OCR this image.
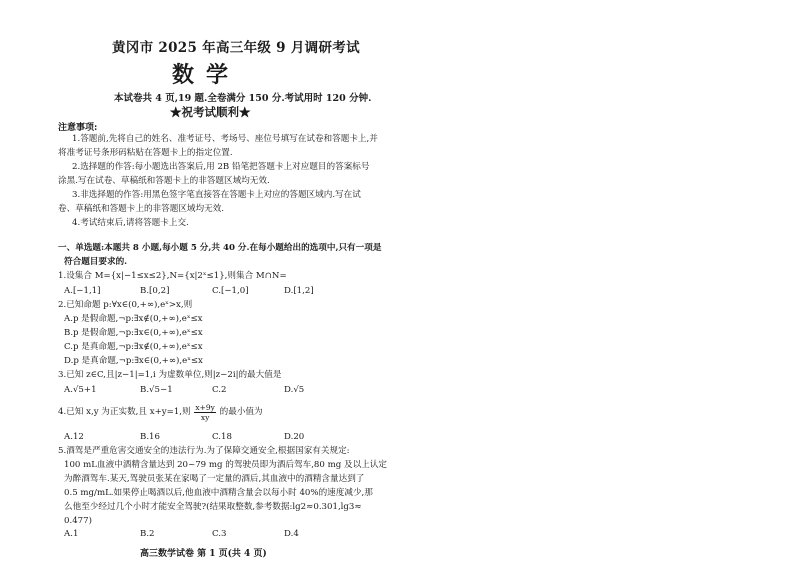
黄冈市 2025 年高三年级 9 月调研考试
数学
本试卷共 4 页,19 题.全卷满分 150 分.考试用时 120 分钟.
★祝考试顺利★
注意事项:
1.答题前,先将自己的姓名、准考证号、考场号、座位号填写在试卷和答题卡上,并
将准考证号条形码粘贴在答题卡上的指定位置.
2.选择题的作答:每小题选出答案后,用 2B 铅笔把答题卡上对应题目的答案标号
涂黑.写在试卷、草稿纸和答题卡上的非答题区域均无效.
3.非选择题的作答:用黑色签字笔直接答在答题卡上对应的答题区域内.写在试
卷、草稿纸和答题卡上的非答题区域均无效.
4.考试结束后,请将答题卡上交.
一、单选题:本题共 8 小题,每小题 5 分,共 40 分.在每小题给出的选项中,只有一项是
符合题目要求的.
1.设集合 M={x|−1≤x≤2},N={x|2ˣ≤1},则集合 M∩N=
A.[−1,1]	B.[0,2]	C.[−1,0]	D.[1,2]
2.已知命题 p:∀x∈(0,+∞),eˣ>x,则
A.p 是假命题,¬p:∃x∉(0,+∞),eˣ≤x
B.p 是假命题,¬p:∃x∈(0,+∞),eˣ≤x
C.p 是真命题,¬p:∃x∉(0,+∞),eˣ≤x
D.p 是真命题,¬p:∃x∈(0,+∞),eˣ≤x
3.已知 z∈C,且|z−1|=1,i 为虚数单位,则|z−2i|的最大值是
A.√5+1	B.√5−1	C.2	D.√5
4.已知 x,y 为正实数,且 x+y=1,则 $\frac{x+9y}{xy}$ 的最小值为
A.12	B.16	C.18	D.20
5.酒驾是严重危害交通安全的违法行为.为了保障交通安全,根据国家有关规定:
100 mL血液中酒精含量达到 20~79 mg 的驾驶员即为酒后驾车,80 mg 及以上认定
为醉酒驾车.某天,驾驶员张某在家喝了一定量的酒后,其血液中的酒精含量达到了
0.5 mg/mL.如果停止喝酒以后,他血液中酒精含量会以每小时 40%的速度减少,那
么他至少经过几个小时才能安全驾驶?(结果取整数,参考数据:lg2≈0.301,lg3≈
0.477)
A.1	B.2	C.3	D.4
高三数学试卷 第 1 页(共 4 页)
